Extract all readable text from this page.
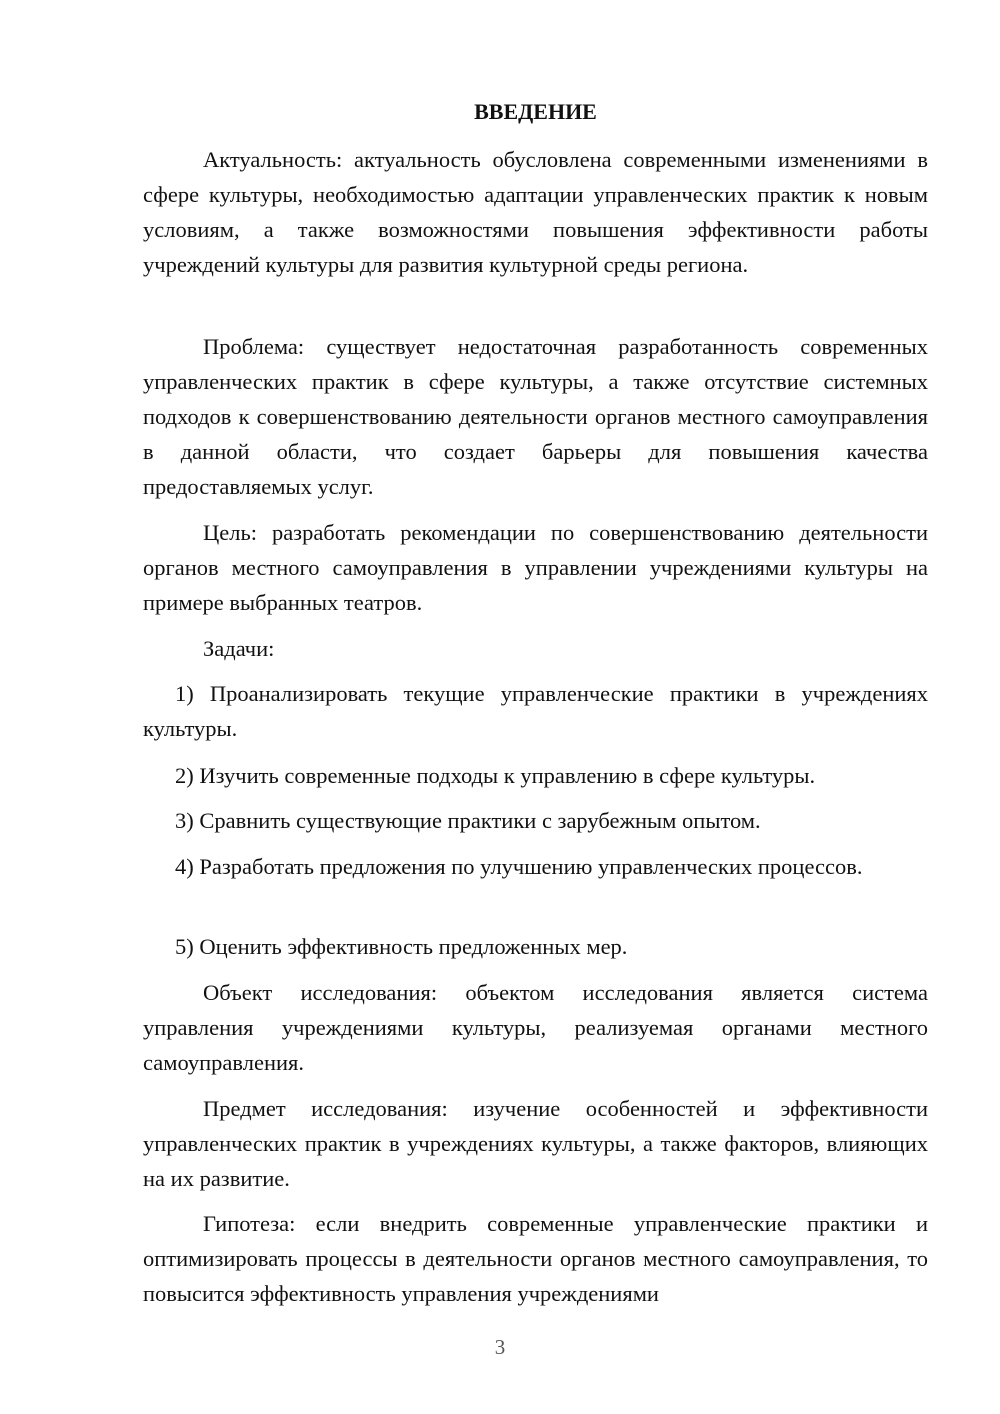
ВВЕДЕНИЕ

Актуальность: актуальность обусловлена современными изменениями в сфере культуры, необходимостью адаптации управленческих практик к новым условиям, а также возможностями повышения эффективности работы учреждений культуры для развития культурной среды региона.

Проблема: существует недостаточная разработанность современных управленческих практик в сфере культуры, а также отсутствие системных подходов к совершенствованию деятельности органов местного самоуправления в данной области, что создает барьеры для повышения качества предоставляемых услуг.

Цель: разработать рекомендации по совершенствованию деятельности органов местного самоуправления в управлении учреждениями культуры на примере выбранных театров.

Задачи:

1) Проанализировать текущие управленческие практики в учреждениях культуры.

2) Изучить современные подходы к управлению в сфере культуры.

3) Сравнить существующие практики с зарубежным опытом.

4) Разработать предложения по улучшению управленческих процессов.

5) Оценить эффективность предложенных мер.

Объект исследования: объектом исследования является система управления учреждениями культуры, реализуемая органами местного самоуправления.

Предмет исследования: изучение особенностей и эффективности управленческих практик в учреждениях культуры, а также факторов, влияющих на их развитие.

Гипотеза: если внедрить современные управленческие практики и оптимизировать процессы в деятельности органов местного самоуправления, то повысится эффективность управления учреждениями

3
